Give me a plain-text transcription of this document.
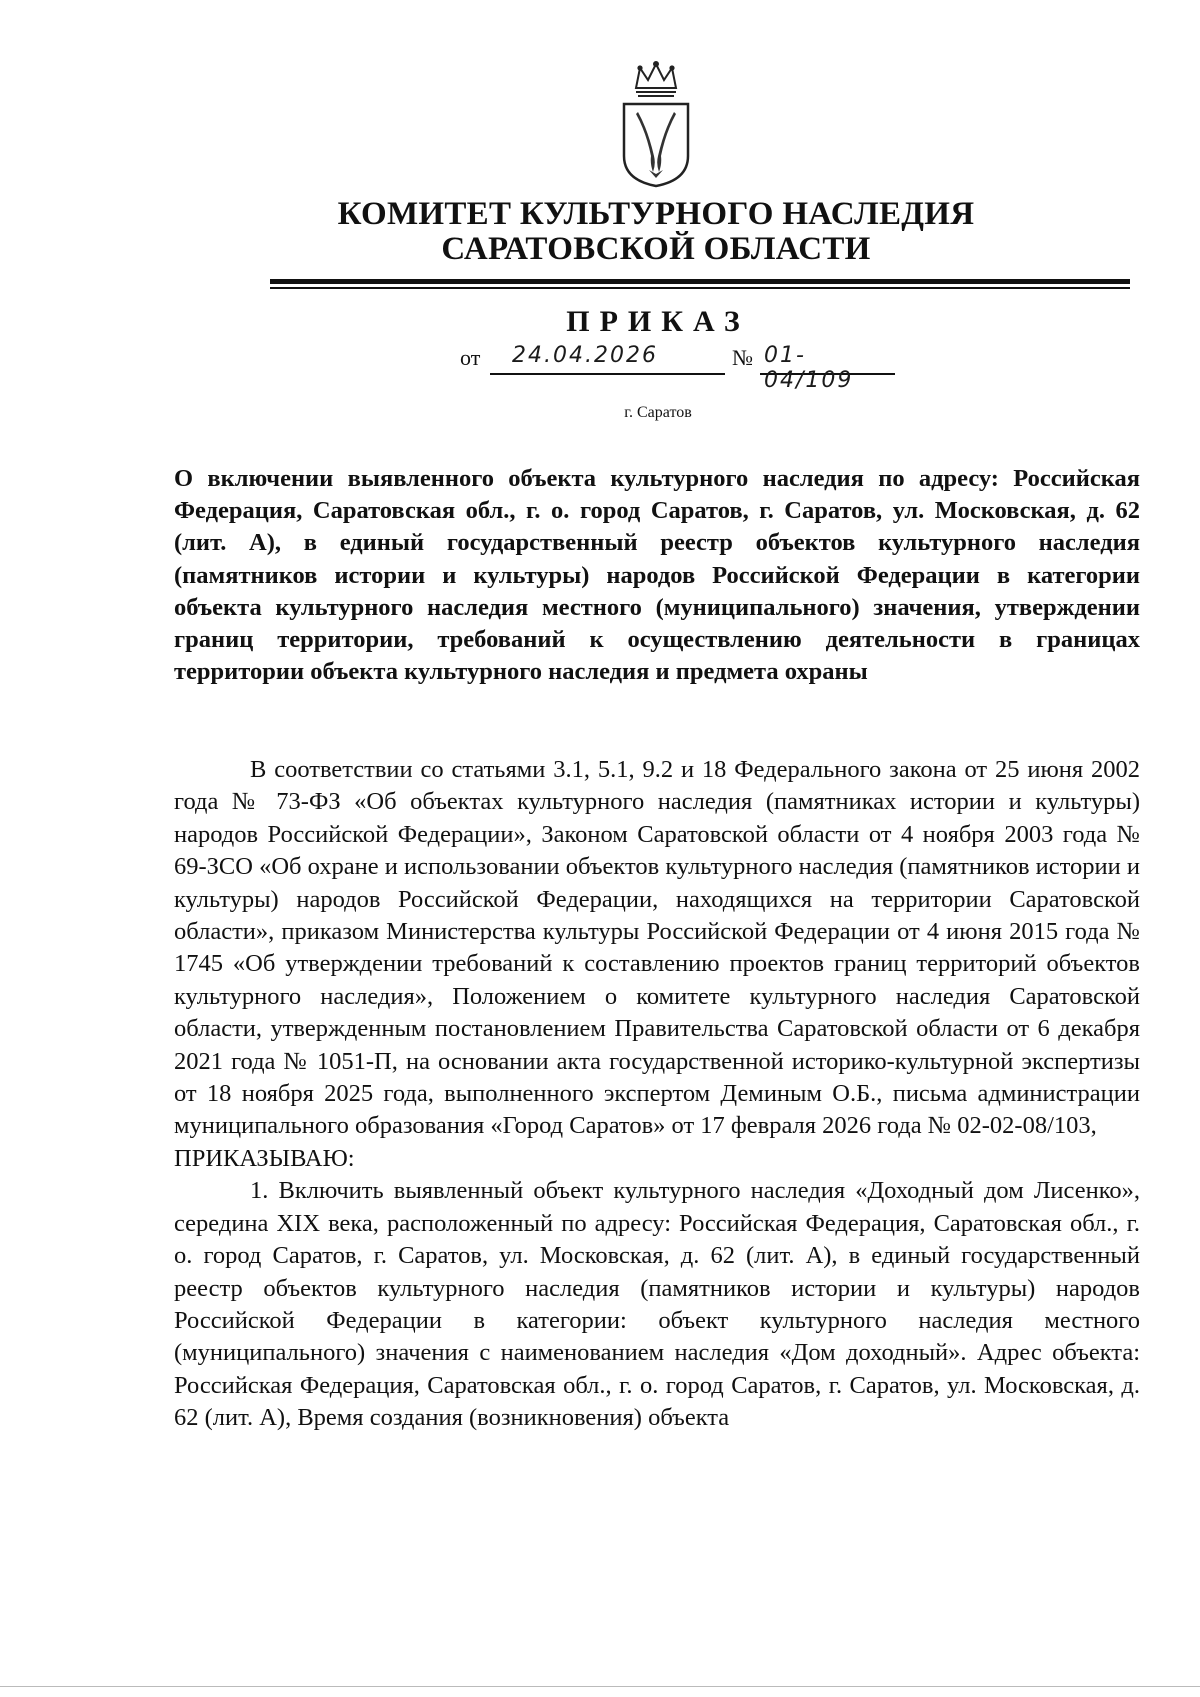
КОМИТЕТ КУЛЬТУРНОГО НАСЛЕДИЯ
САРАТОВСКОЙ ОБЛАСТИ
ПРИКАЗ
от 24.04.2026	№ 01-04/109
г. Саратов
О включении выявленного объекта культурного наследия по адресу: Российская Федерация, Саратовская обл., г. о. город Саратов, г. Саратов, ул. Московская, д. 62 (лит. А), в единый государственный реестр объектов культурного наследия (памятников истории и культуры) народов Российской Федерации в категории объекта культурного наследия местного (муниципального) значения, утверждении границ территории, требований к осуществлению деятельности в границах территории объекта культурного наследия и предмета охраны

В соответствии со статьями 3.1, 5.1, 9.2 и 18 Федерального закона от 25 июня 2002 года № 73-ФЗ «Об объектах культурного наследия (памятниках истории и культуры) народов Российской Федерации», Законом Саратовской области от 4 ноября 2003 года № 69-ЗСО «Об охране и использовании объектов культурного наследия (памятников истории и культуры) народов Российской Федерации, находящихся на территории Саратовской области», приказом Министерства культуры Российской Федерации от 4 июня 2015 года № 1745 «Об утверждении требований к составлению проектов границ территорий объектов культурного наследия», Положением о комитете культурного наследия Саратовской области, утвержденным постановлением Правительства Саратовской области от 6 декабря 2021 года № 1051-П, на основании акта государственной историко-культурной экспертизы от 18 ноября 2025 года, выполненного экспертом Деминым О.Б., письма администрации муниципального образования «Город Саратов» от 17 февраля 2026 года № 02-02-08/103,

ПРИКАЗЫВАЮ:

1. Включить выявленный объект культурного наследия «Доходный дом Лисенко», середина XIX века, расположенный по адресу: Российская Федерация, Саратовская обл., г. о. город Саратов, г. Саратов, ул. Московская, д. 62 (лит. А), в единый государственный реестр объектов культурного наследия (памятников истории и культуры) народов Российской Федерации в категории: объект культурного наследия местного (муниципального) значения с наименованием наследия «Дом доходный». Адрес объекта: Российская Федерация, Саратовская обл., г. о. город Саратов, г. Саратов, ул. Московская, д. 62 (лит. А), Время создания (возникновения) объекта
